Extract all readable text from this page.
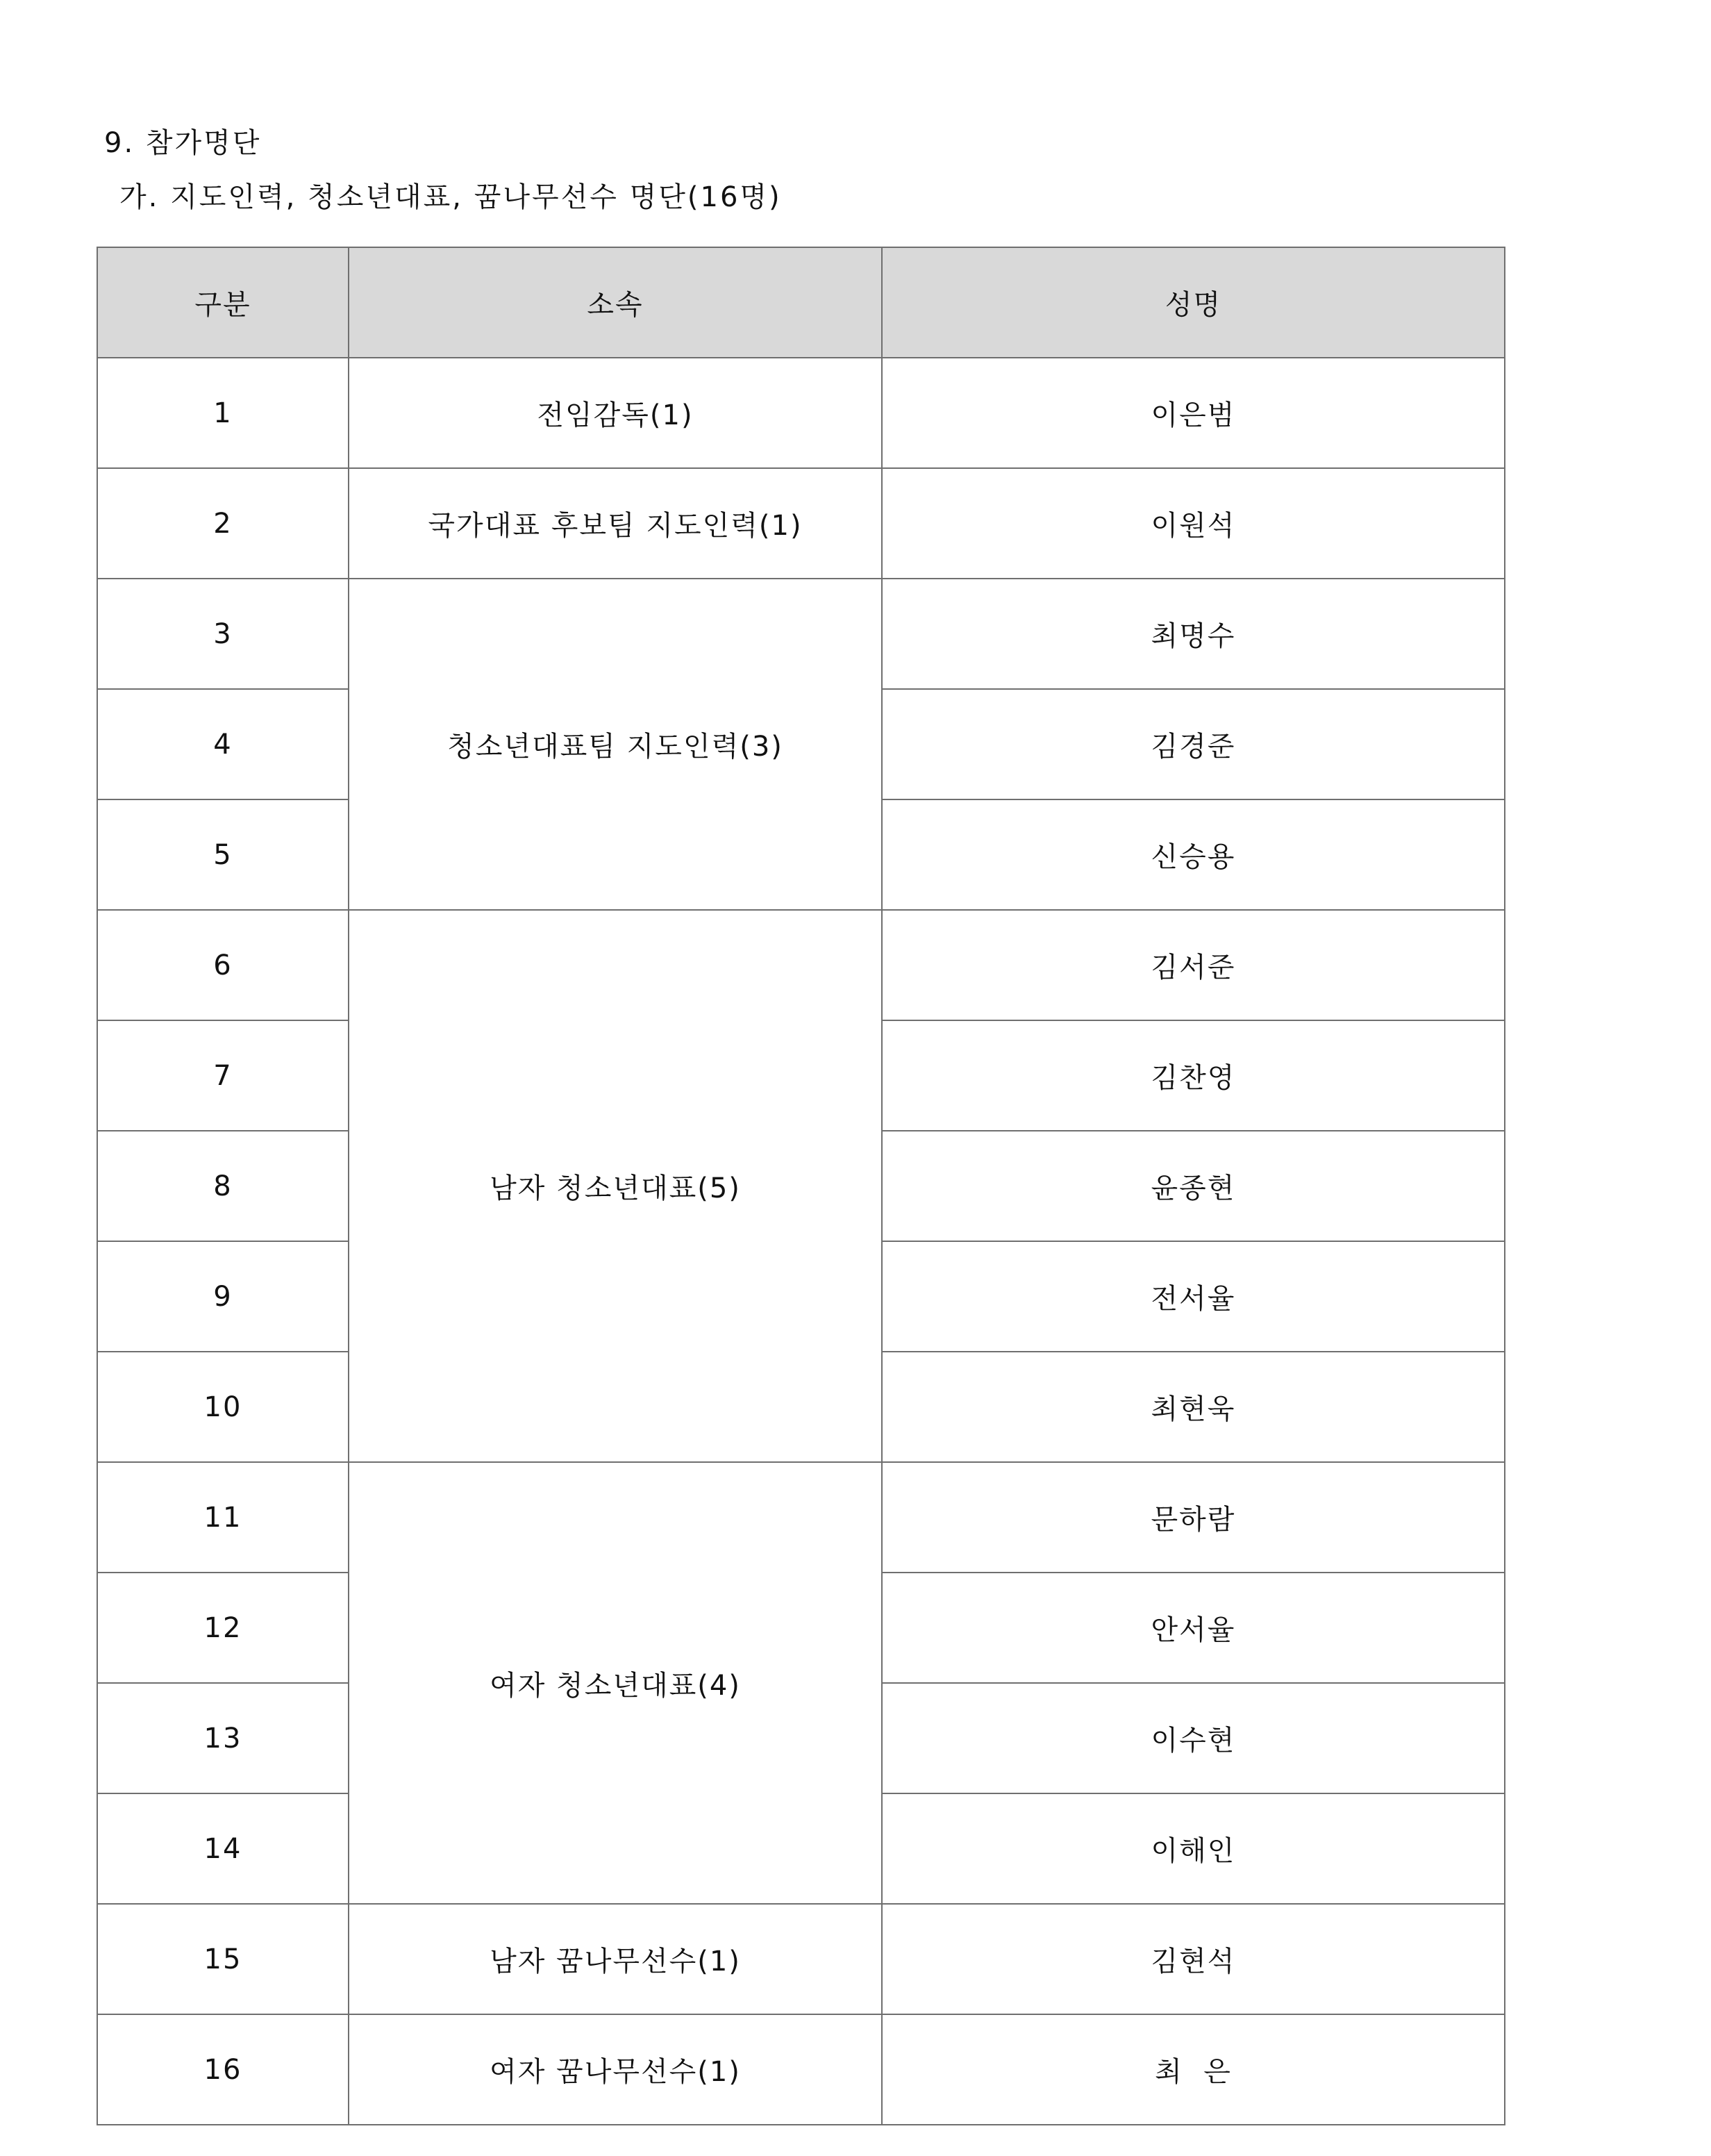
9. 참가명단
가. 지도인력, 청소년대표, 꿈나무선수 명단(16명)
구분	소속	성명
1	전임감독(1)	이은범
2	국가대표 후보팀 지도인력(1)	이원석
3	청소년대표팀 지도인력(3)	최명수
4		김경준
5		신승용
6	남자 청소년대표(5)	김서준
7		김찬영
8		윤종현
9		전서율
10		최현욱
11	여자 청소년대표(4)	문하람
12		안서율
13		이수현
14		이해인
15	남자 꿈나무선수(1)	김현석
16	여자 꿈나무선수(1)	최  은
